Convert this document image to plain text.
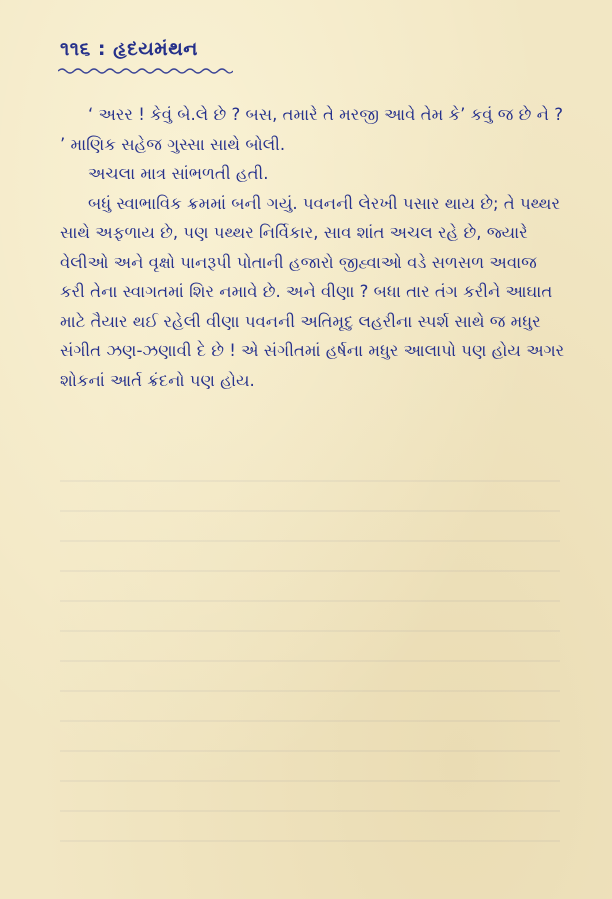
૧૧૬ : હૃદયમંથન

‘ અરર ! કેવું બે.લે છે ? બસ, તમારે તે મરજી આવે તેમ કે’ કવું જ છે ને ? ’ માણિક સહેજ ગુસ્સા સાથે બોલી.

અચલા માત્ર સાંભળતી હતી.

બધું સ્વાભાવિક ક્રમમાં બની ગયું. પવનની લેરખી પસાર થાય છે; તે પથ્થર સાથે અફળાય છે, પણ પથ્થર નિર્વિકાર, સાવ શાંત અચલ રહે છે, જ્યારે વેલીઓ અને વૃક્ષો પાનરૂપી પોતાની હજારો જીહ્વાઓ વડે સળસળ અવાજ કરી તેના સ્વાગતમાં શિર નમાવે છે. અને વીણા ? બધા તાર તંગ કરીને આઘાત માટે તૈયાર થઈ રહેલી વીણા પવનની અતિમૃદુ લહરીના સ્પર્શ સાથે જ મધુર સંગીત ઝણ-ઝણાવી દે છે ! એ સંગીતમાં હર્ષના મધુર આલાપો પણ હોય અગર શોકનાં આર્ત ક્રંદનો પણ હોય.
